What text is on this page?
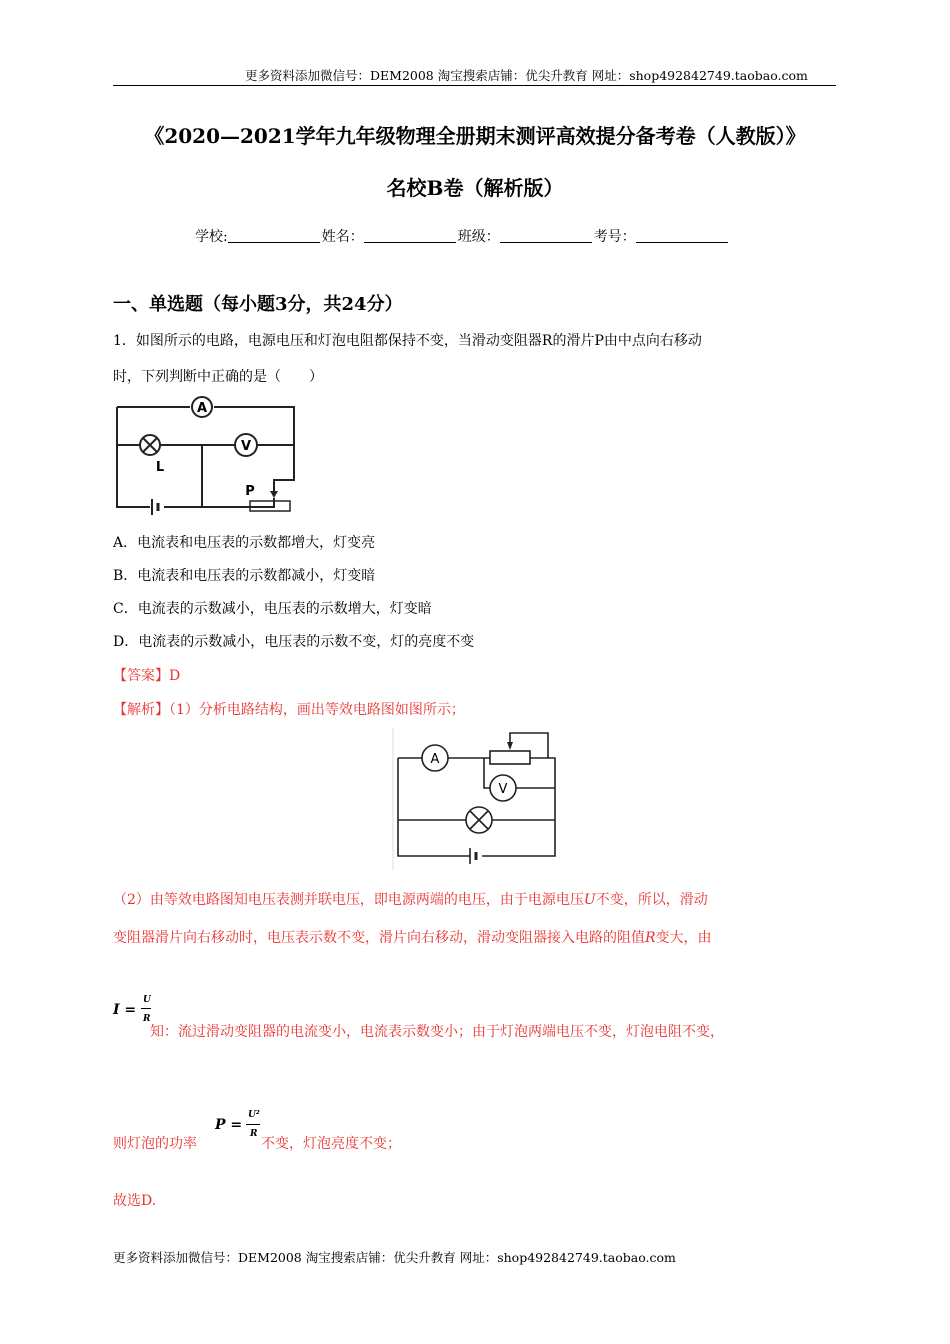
更多资料添加微信号：DEM2008 淘宝搜索店铺：优尖升教育 网址：shop492842749.taobao.com
《2020—2021学年九年级物理全册期末测评高效提分备考卷（人教版）》
名校B卷（解析版）
学校:	姓名：	班级：	考号：
一、单选题（每小题3分，共24分）
1．如图所示的电路，电源电压和灯泡电阻都保持不变，当滑动变阻器R的滑片P由中点向右移动
时，下列判断中正确的是（　　）
A
V
L
P
A．电流表和电压表的示数都增大，灯变亮
B．电流表和电压表的示数都减小，灯变暗
C．电流表的示数减小，电压表的示数增大，灯变暗
D．电流表的示数减小，电压表的示数不变，灯的亮度不变
【答案】D
【解析】（1）分析电路结构，画出等效电路图如图所示；
A
V
（2）由等效电路图知电压表测并联电压，即电源两端的电压，由于电源电压U不变，所以，滑动
变阻器滑片向右移动时，电压表示数不变，滑片向右移动，滑动变阻器接入电路的阻值R变大，由
I =
U
R
知：流过滑动变阻器的电流变小，电流表示数变小；由于灯泡两端电压不变，灯泡电阻不变，
则灯泡的功率
P =
U²
R
不变，灯泡亮度不变；
故选D.
更多资料添加微信号：DEM2008 淘宝搜索店铺：优尖升教育 网址：shop492842749.taobao.com
